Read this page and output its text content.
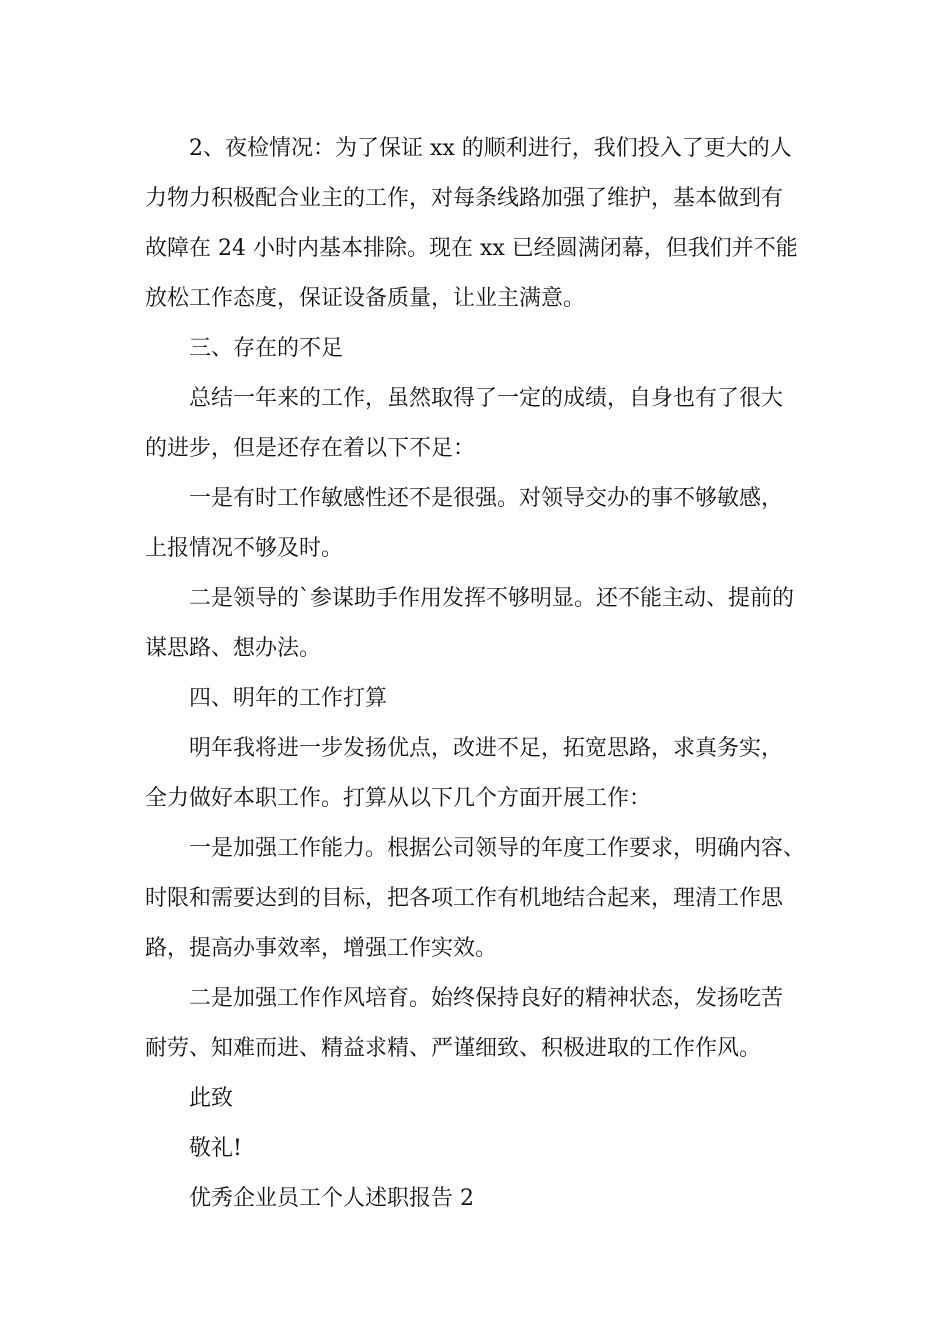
2、夜检情况：为了保证 xx 的顺利进行，我们投入了更大的人
力物力积极配合业主的工作，对每条线路加强了维护，基本做到有
故障在 24 小时内基本排除。现在 xx 已经圆满闭幕，但我们并不能
放松工作态度，保证设备质量，让业主满意。
三、存在的不足
总结一年来的工作，虽然取得了一定的成绩，自身也有了很大
的进步，但是还存在着以下不足：
一是有时工作敏感性还不是很强。对领导交办的事不够敏感，
上报情况不够及时。
二是领导的`参谋助手作用发挥不够明显。还不能主动、提前的
谋思路、想办法。
四、明年的工作打算
明年我将进一步发扬优点，改进不足，拓宽思路，求真务实，
全力做好本职工作。打算从以下几个方面开展工作：
一是加强工作能力。根据公司领导的年度工作要求，明确内容、
时限和需要达到的目标，把各项工作有机地结合起来，理清工作思
路，提高办事效率，增强工作实效。
二是加强工作作风培育。始终保持良好的精神状态，发扬吃苦
耐劳、知难而进、精益求精、严谨细致、积极进取的工作作风。
此致
敬礼!
优秀企业员工个人述职报告 2
